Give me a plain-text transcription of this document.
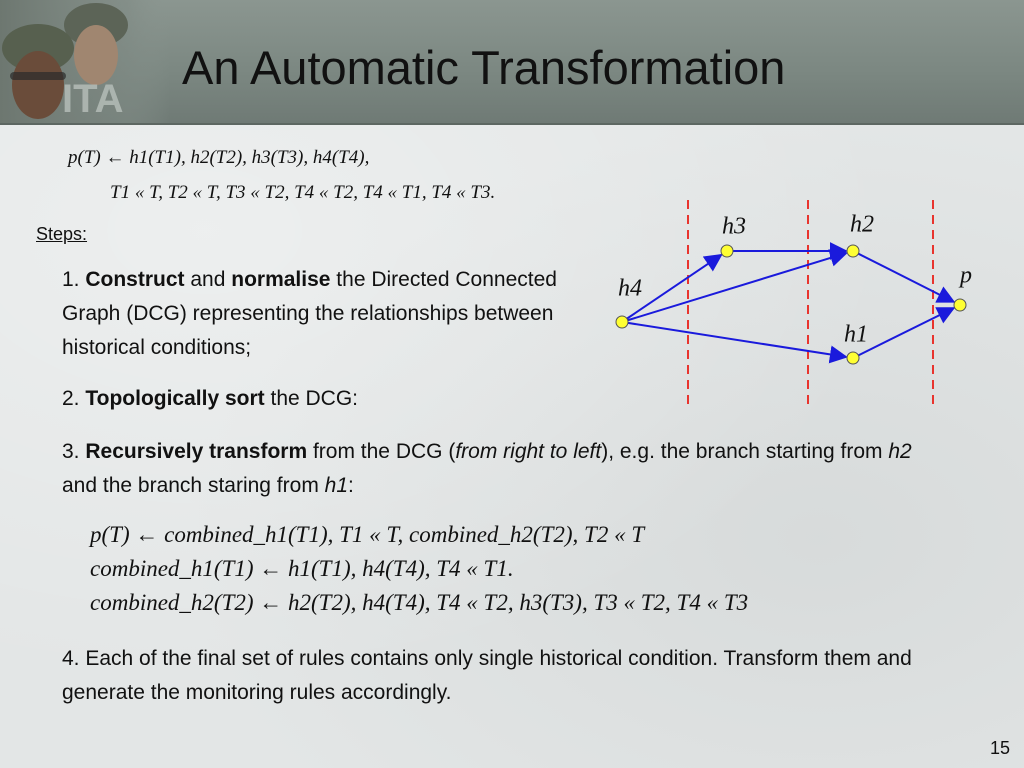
ITA
An Automatic Transformation
p(T) ← h1(T1), h2(T2), h3(T3), h4(T4),
T1 « T, T2 « T, T3 « T2, T4 « T2, T4 « T1, T4 « T3.
Steps:
1. Construct and normalise the Directed Connected Graph (DCG) representing the relationships between historical conditions;
2. Topologically sort the DCG:
3. Recursively transform from the DCG (from right to left), e.g. the branch starting from h2 and the branch staring from h1:
p(T) ← combined_h1(T1), T1 « T, combined_h2(T2), T2 « T
combined_h1(T1) ← h1(T1), h4(T4), T4 « T1.
combined_h2(T2) ← h2(T2), h4(T4), T4 « T2, h3(T3), T3 « T2, T4 « T3
4. Each of the final set of rules contains only single historical condition. Transform them and generate the monitoring rules accordingly.
h4
h3	h2
h1
p
15
